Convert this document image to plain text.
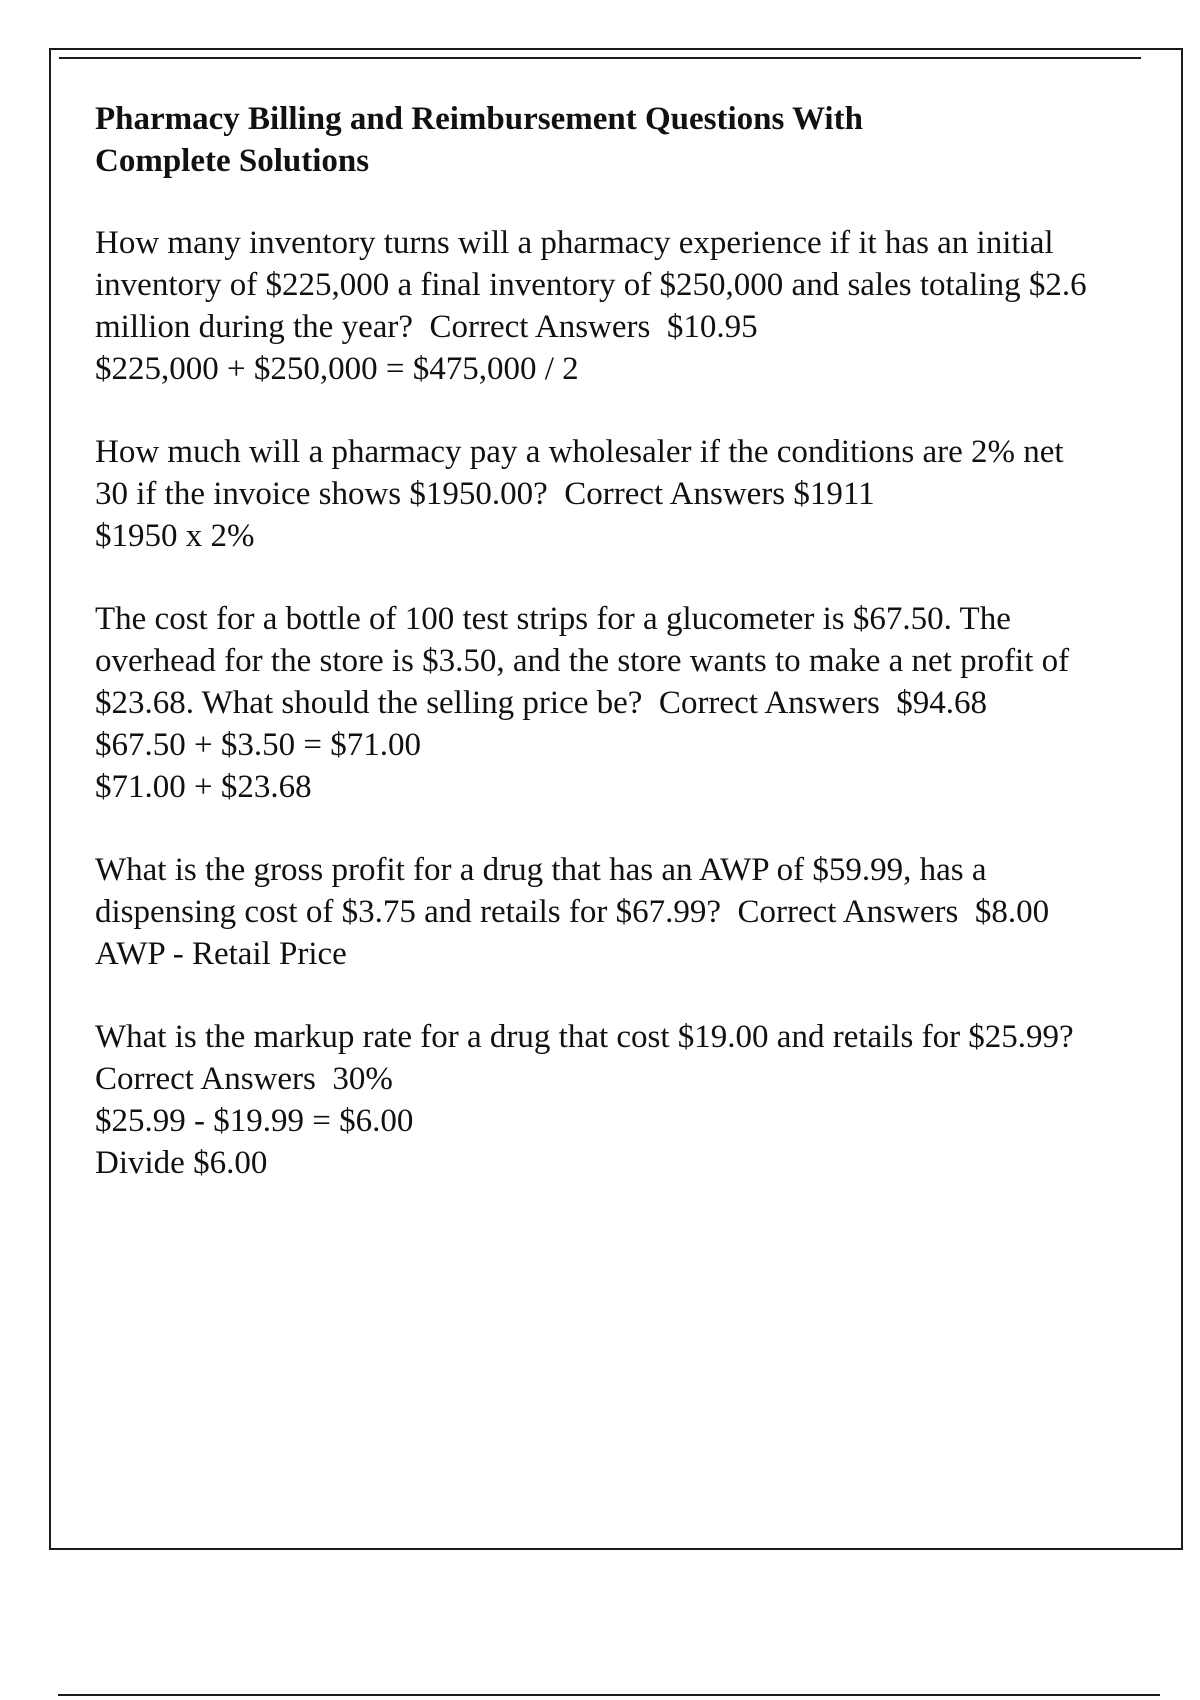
Pharmacy Billing and Reimbursement Questions With Complete Solutions
How many inventory turns will a pharmacy experience if it has an initial inventory of $225,000 a final inventory of $250,000 and sales totaling $2.6 million during the year?  Correct Answers  $10.95
$225,000 + $250,000 = $475,000 / 2
How much will a pharmacy pay a wholesaler if the conditions are 2% net 30 if the invoice shows $1950.00?  Correct Answers $1911
$1950 x 2%
The cost for a bottle of 100 test strips for a glucometer is $67.50. The overhead for the store is $3.50, and the store wants to make a net profit of $23.68. What should the selling price be?  Correct Answers  $94.68
$67.50 + $3.50 = $71.00
$71.00 + $23.68
What is the gross profit for a drug that has an AWP of $59.99, has a dispensing cost of $3.75 and retails for $67.99?  Correct Answers  $8.00
AWP - Retail Price
What is the markup rate for a drug that cost $19.00 and retails for $25.99?  Correct Answers  30%
$25.99 - $19.99 = $6.00
Divide $6.00
